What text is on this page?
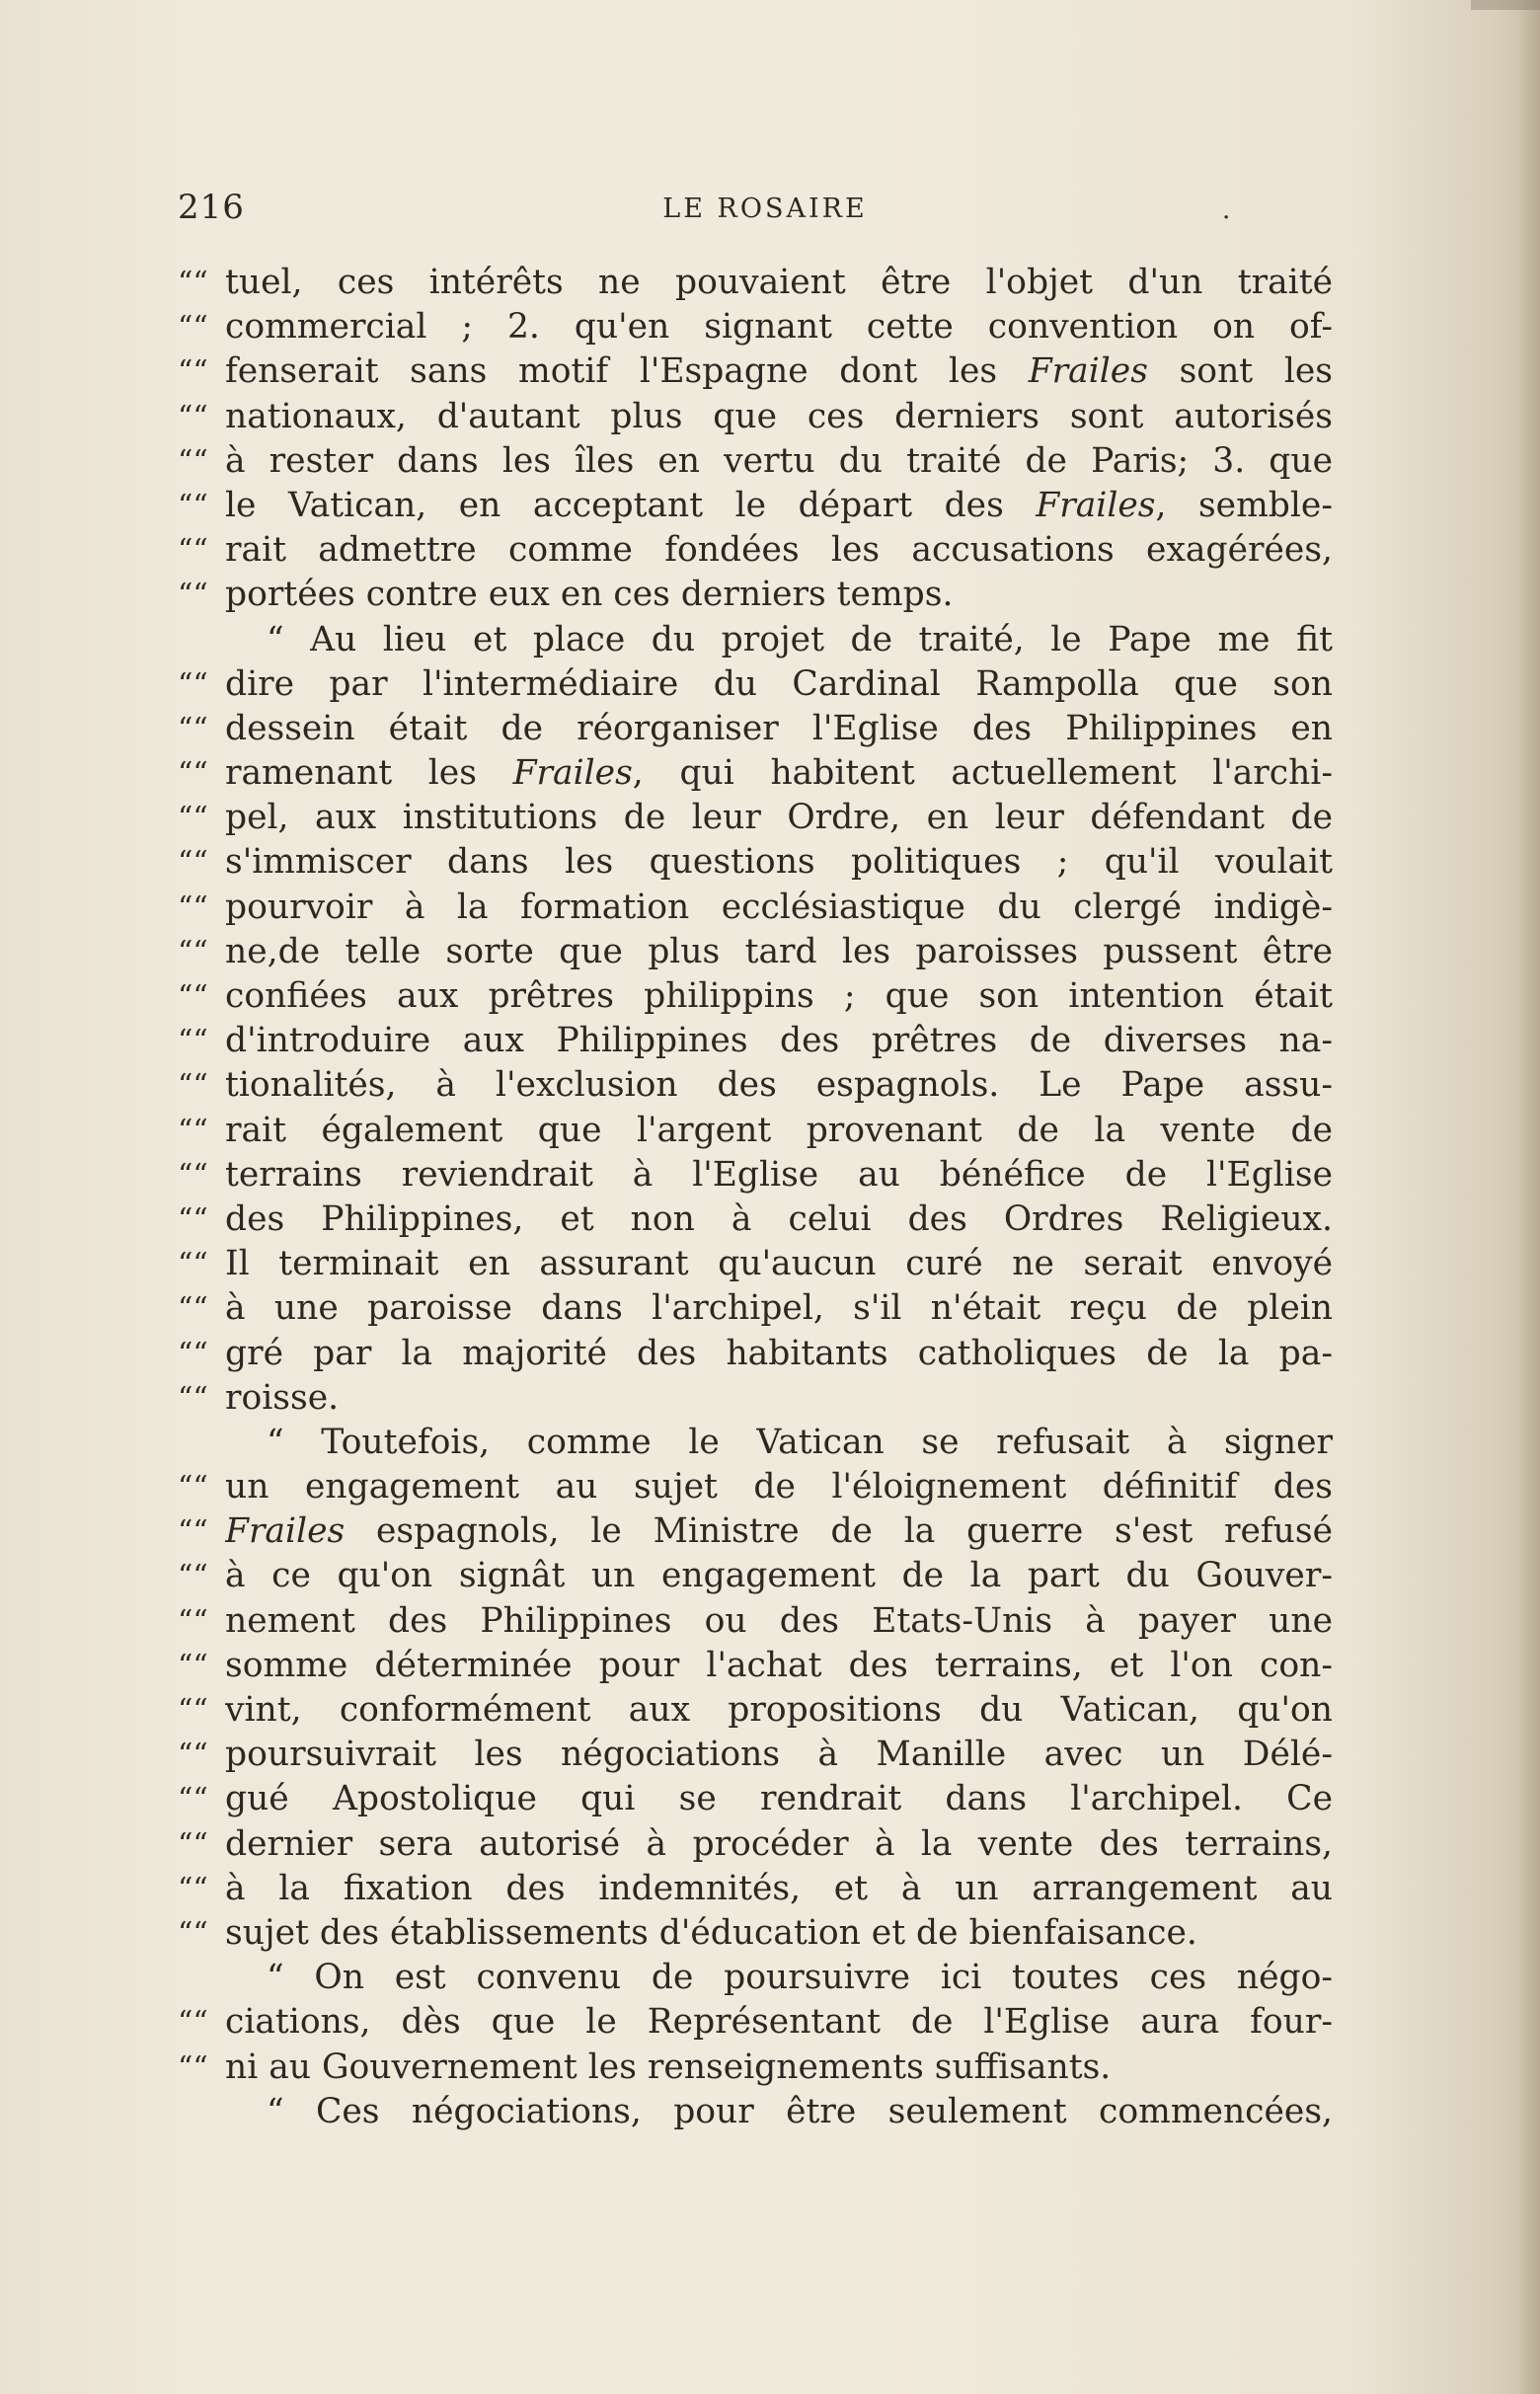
216	LE ROSAIRE	.
““ tuel, ces intérêts ne pouvaient être l'objet d'un traité
““ commercial ; 2. qu'en signant cette convention on of-
““ fenserait sans motif l'Espagne dont les Frailes sont les
““ nationaux, d'autant plus que ces derniers sont autorisés
““ à rester dans les îles en vertu du traité de Paris; 3. que
““ le Vatican, en acceptant le départ des Frailes, semble-
““ rait admettre comme fondées les accusations exagérées,
““ portées contre eux en ces derniers temps.
“ Au lieu et place du projet de traité, le Pape me fit
““ dire par l'intermédiaire du Cardinal Rampolla que son
““ dessein était de réorganiser l'Eglise des Philippines en
““ ramenant les Frailes, qui habitent actuellement l'archi-
““ pel, aux institutions de leur Ordre, en leur défendant de
““ s'immiscer dans les questions politiques ; qu'il voulait
““ pourvoir à la formation ecclésiastique du clergé indigè-
““ ne,de telle sorte que plus tard les paroisses pussent être
““ confiées aux prêtres philippins ; que son intention était
““ d'introduire aux Philippines des prêtres de diverses na-
““ tionalités, à l'exclusion des espagnols. Le Pape assu-
““ rait également que l'argent provenant de la vente de
““ terrains reviendrait à l'Eglise au bénéfice de l'Eglise
““ des Philippines, et non à celui des Ordres Religieux.
““ Il terminait en assurant qu'aucun curé ne serait envoyé
““ à une paroisse dans l'archipel, s'il n'était reçu de plein
““ gré par la majorité des habitants catholiques de la pa-
““ roisse.
“ Toutefois, comme le Vatican se refusait à signer
““ un engagement au sujet de l'éloignement définitif des
““ Frailes espagnols, le Ministre de la guerre s'est refusé
““ à ce qu'on signât un engagement de la part du Gouver-
““ nement des Philippines ou des Etats-Unis à payer une
““ somme déterminée pour l'achat des terrains, et l'on con-
““ vint, conformément aux propositions du Vatican, qu'on
““ poursuivrait les négociations à Manille avec un Délé-
““ gué Apostolique qui se rendrait dans l'archipel. Ce
““ dernier sera autorisé à procéder à la vente des terrains,
““ à la fixation des indemnités, et à un arrangement au
““ sujet des établissements d'éducation et de bienfaisance.
“ On est convenu de poursuivre ici toutes ces négo-
““ ciations, dès que le Représentant de l'Eglise aura four-
““ ni au Gouvernement les renseignements suffisants.
“ Ces négociations, pour être seulement commencées,
